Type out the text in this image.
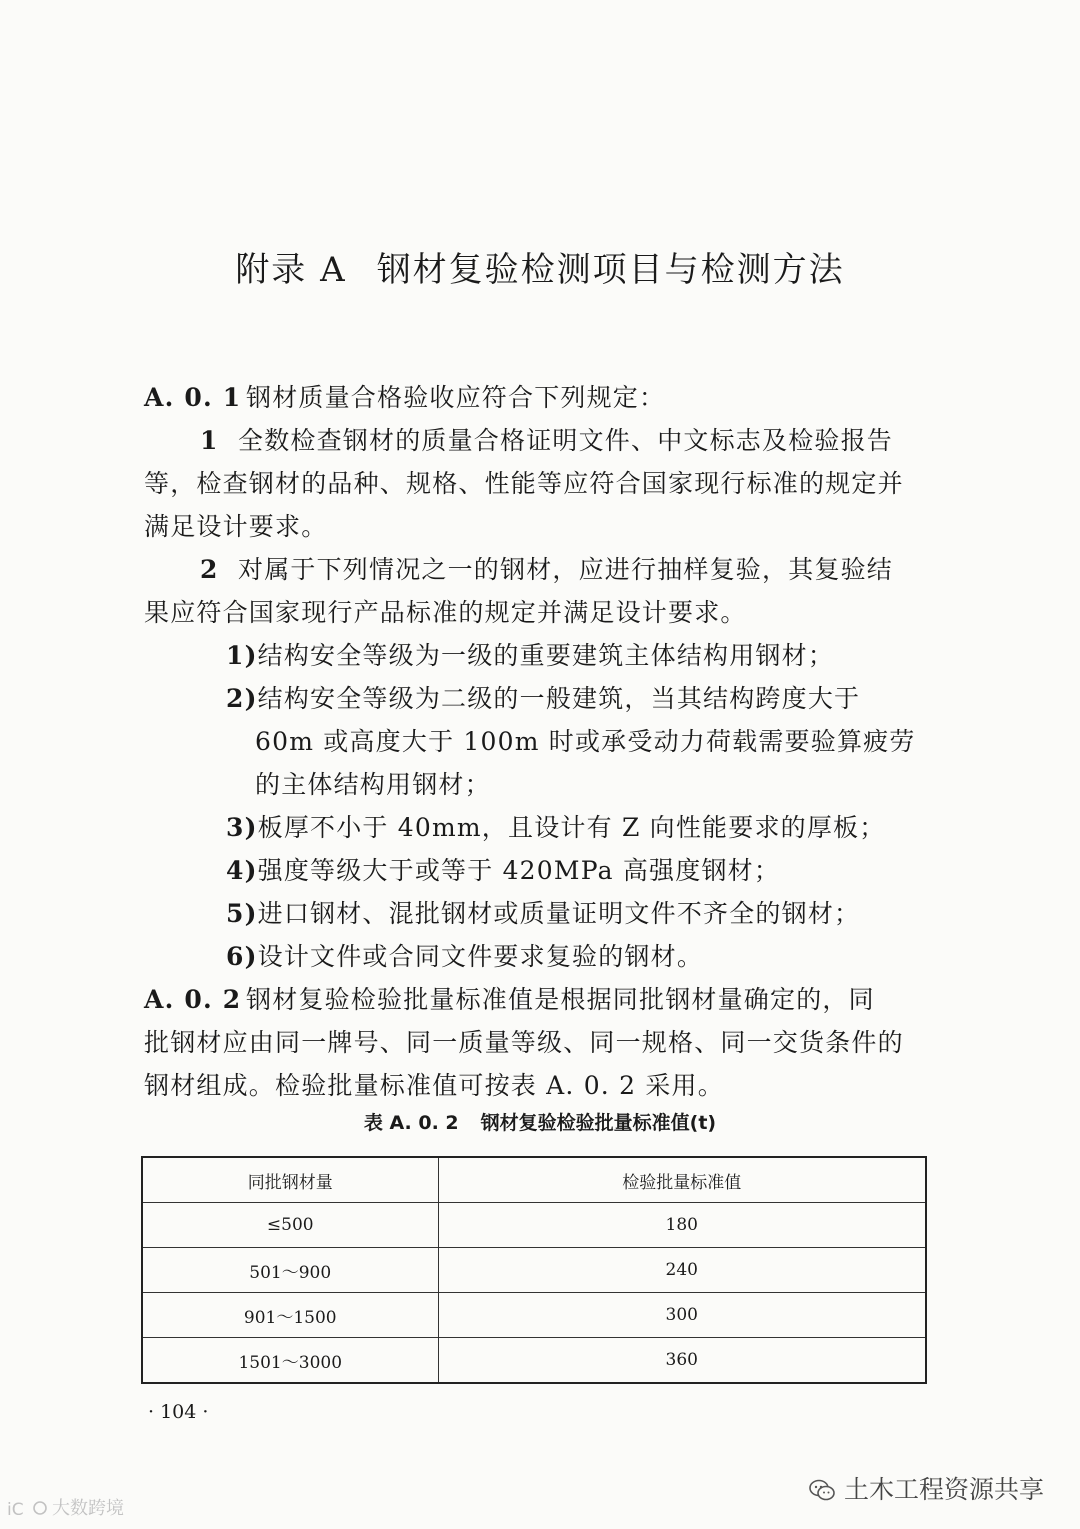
附录 A 钢材复验检测项目与检测方法
A. 0. 1 钢材质量合格验收应符合下列规定：
1 全数检查钢材的质量合格证明文件、中文标志及检验报告
等，检查钢材的品种、规格、性能等应符合国家现行标准的规定并
满足设计要求。
2 对属于下列情况之一的钢材，应进行抽样复验，其复验结
果应符合国家现行产品标准的规定并满足设计要求。
1)结构安全等级为一级的重要建筑主体结构用钢材；
2)结构安全等级为二级的一般建筑，当其结构跨度大于
60m 或高度大于 100m 时或承受动力荷载需要验算疲劳
的主体结构用钢材；
3)板厚不小于 40mm，且设计有 Z 向性能要求的厚板；
4)强度等级大于或等于 420MPa 高强度钢材；
5)进口钢材、混批钢材或质量证明文件不齐全的钢材；
6)设计文件或合同文件要求复验的钢材。
A. 0. 2 钢材复验检验批量标准值是根据同批钢材量确定的，同
批钢材应由同一牌号、同一质量等级、同一规格、同一交货条件的
钢材组成。检验批量标准值可按表 A. 0. 2 采用。
表 A. 0. 2 钢材复验检验批量标准值(t)
同批钢材量	检验批量标准值
≤500	180
501～900	240
901～1500	300
1501～3000	360
· 104 ·
土木工程资源共享
iC 大数跨境
